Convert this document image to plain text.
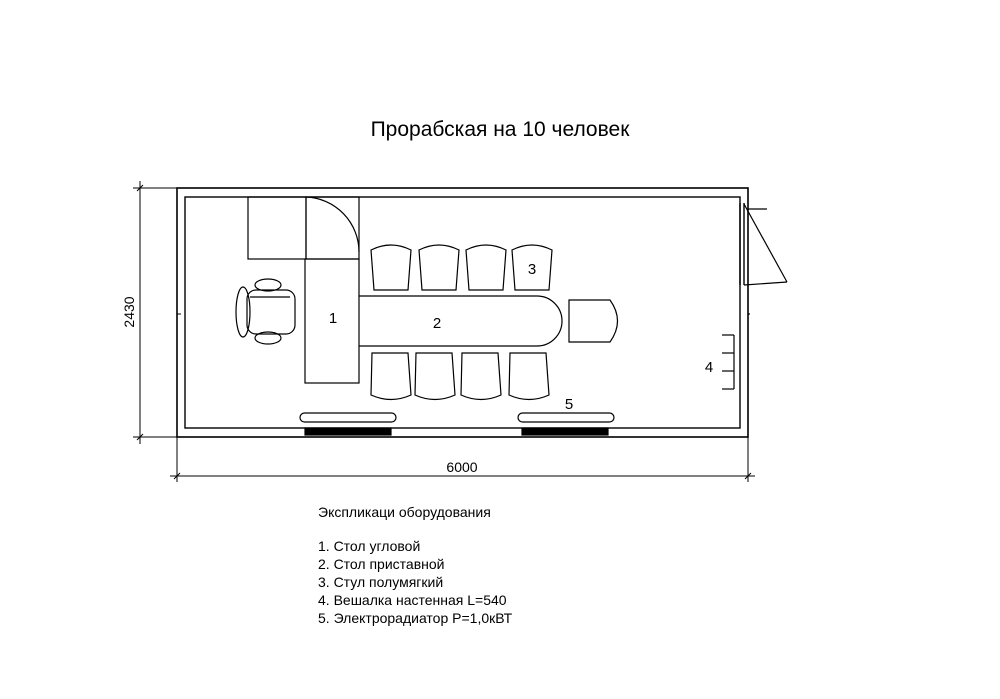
Прорабская на 10 человек
6000
2430	1	2
3
4
5
Экспликаци оборудования
1. Стол угловой
2. Стол приставной
3. Стул полумягкий
4. Вешалка настенная L=540
5. Электрорадиатор P=1,0кВТ
